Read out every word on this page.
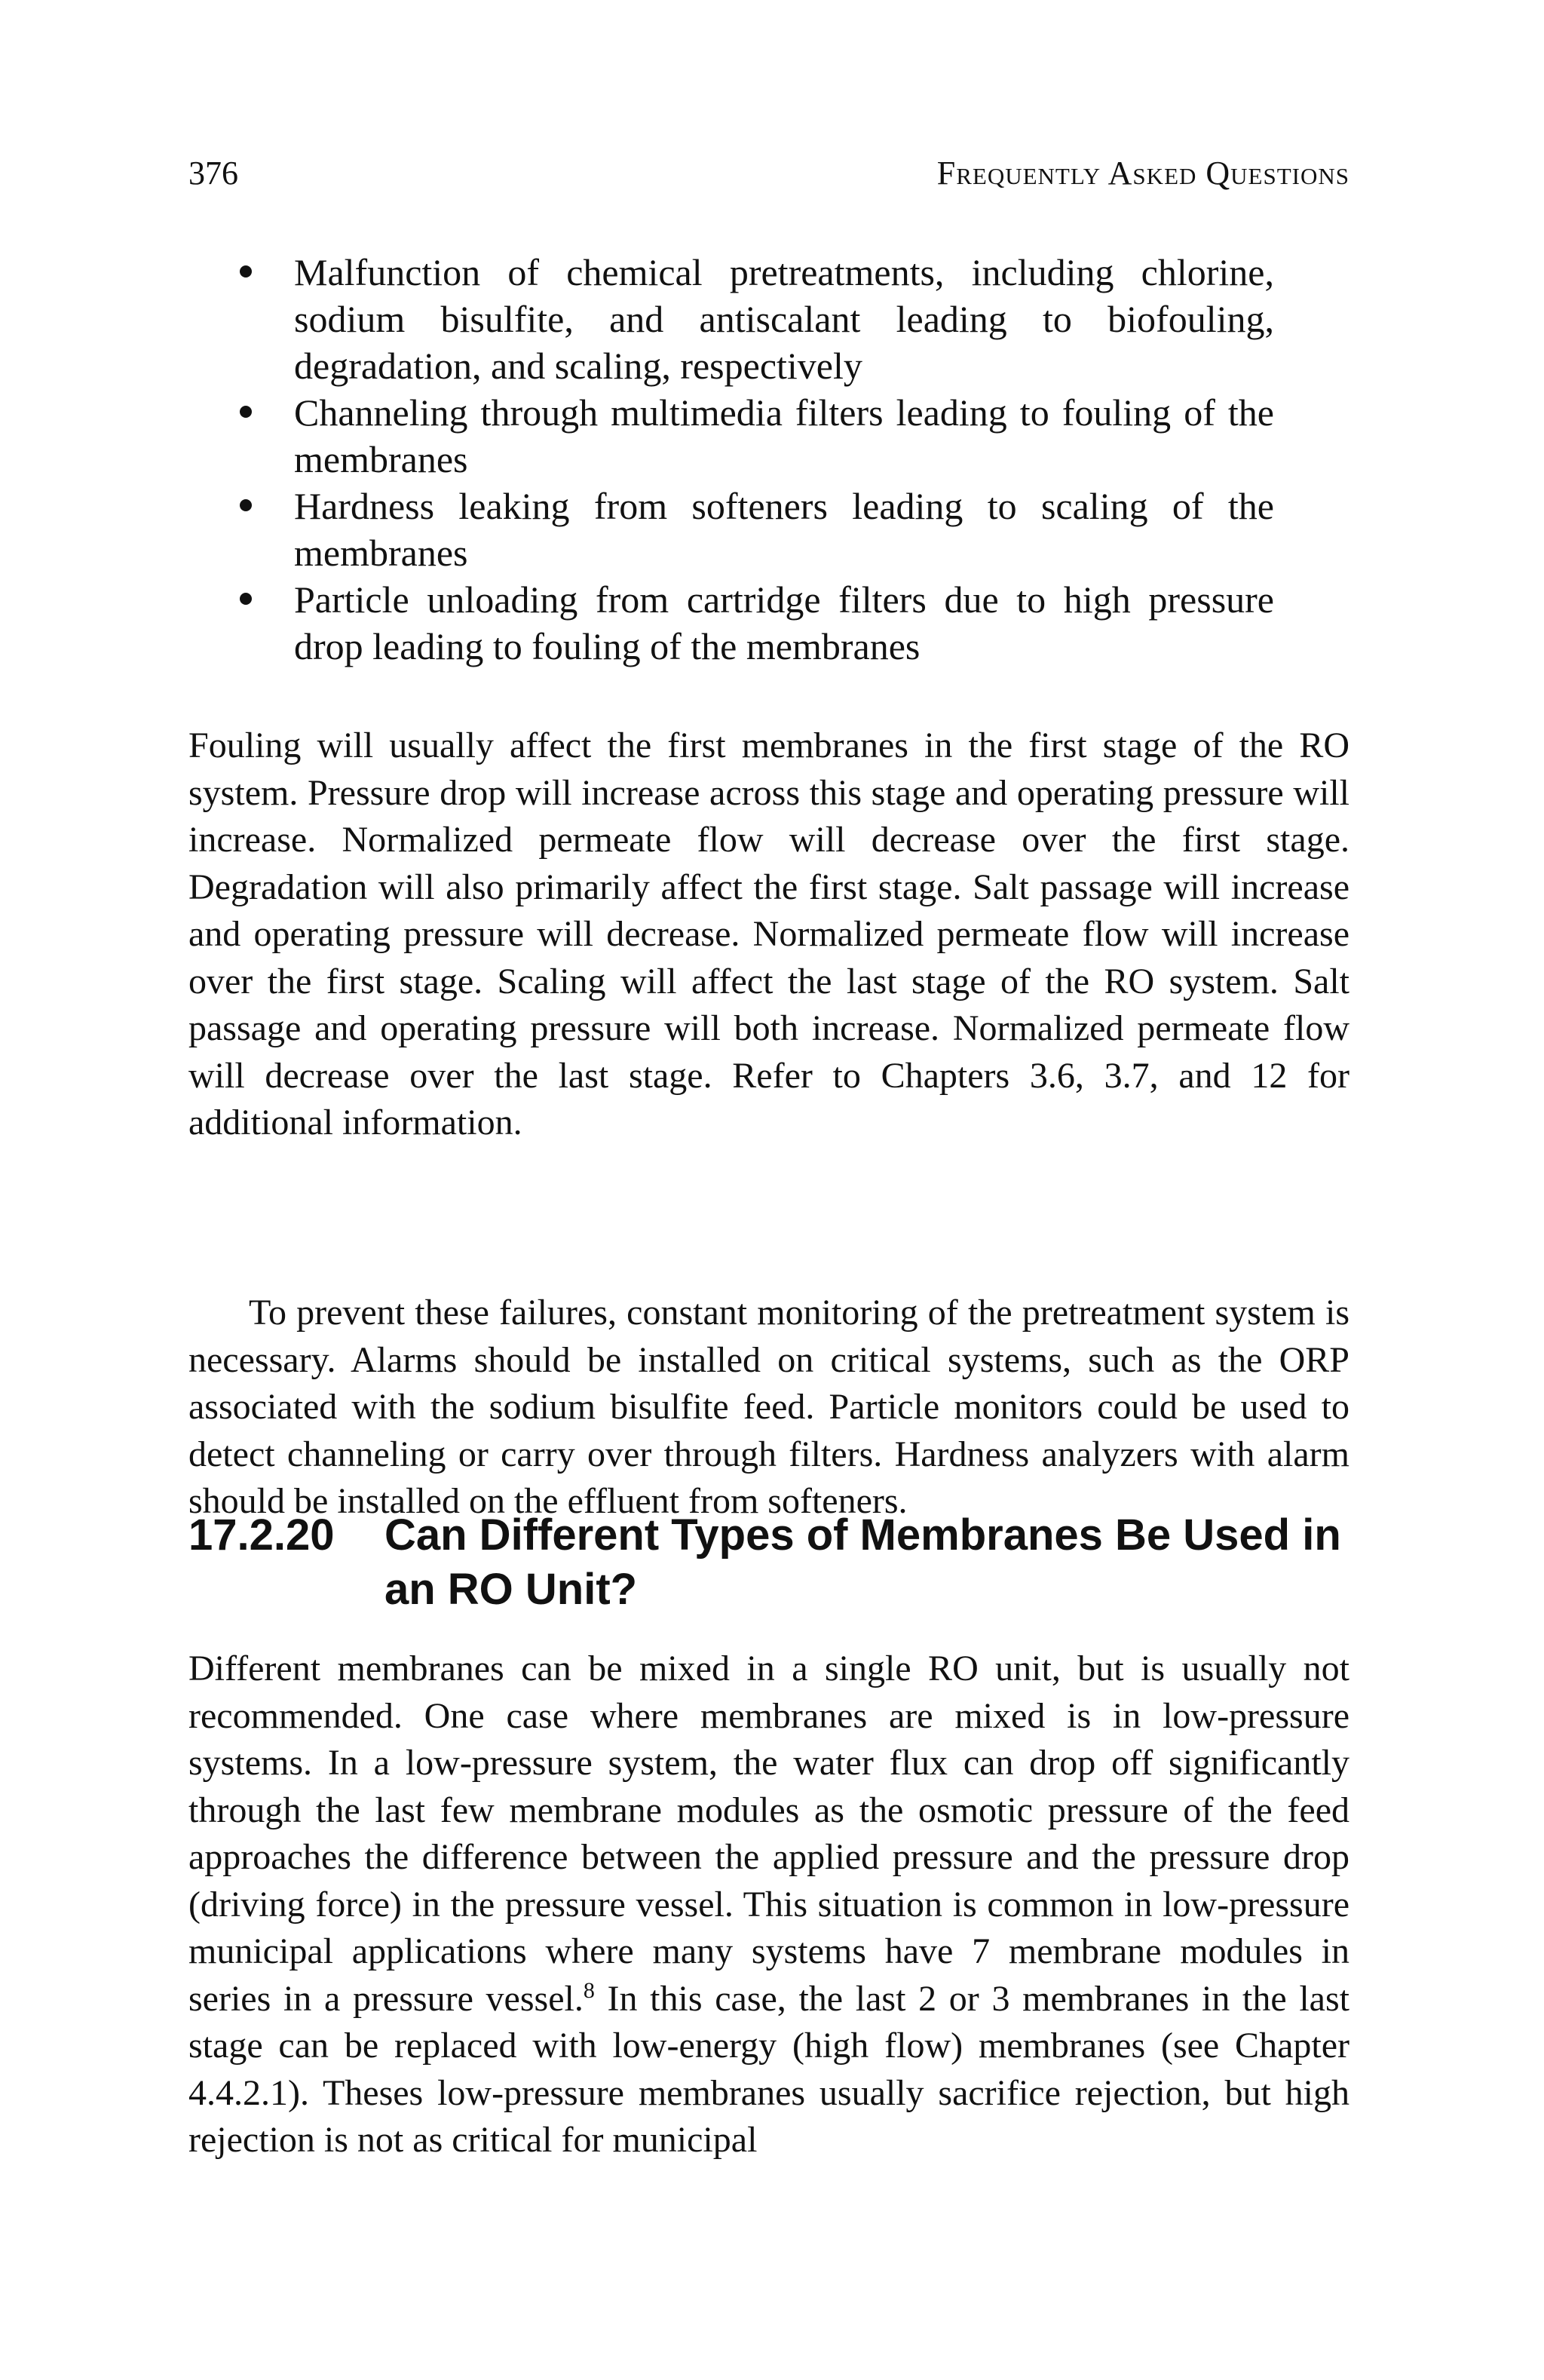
376	Frequently Asked Questions
Malfunction of chemical pretreatments, including chlorine, sodium bisulfite, and antiscalant leading to biofouling, degradation, and scaling, respectively
Channeling through multimedia filters leading to fouling of the membranes
Hardness leaking from softeners leading to scaling of the membranes
Particle unloading from cartridge filters due to high pressure drop leading to fouling of the membranes

Fouling will usually affect the first membranes in the first stage of the RO system. Pressure drop will increase across this stage and operating pressure will increase. Normalized permeate flow will decrease over the first stage. Degradation will also primarily affect the first stage. Salt passage will increase and operating pressure will decrease. Normalized permeate flow will increase over the first stage. Scaling will affect the last stage of the RO system. Salt passage and operating pressure will both increase. Normalized permeate flow will decrease over the last stage. Refer to Chapters 3.6, 3.7, and 12 for additional information.

To prevent these failures, constant monitoring of the pretreatment system is necessary. Alarms should be installed on critical systems, such as the ORP associated with the sodium bisulfite feed. Particle monitors could be used to detect channeling or carry over through filters. Hardness analyzers with alarm should be installed on the effluent from softeners.

17.2.20 Can Different Types of Membranes Be Used in an RO Unit?

Different membranes can be mixed in a single RO unit, but is usually not recommended. One case where membranes are mixed is in low-pressure systems. In a low-pressure system, the water flux can drop off significantly through the last few membrane modules as the osmotic pressure of the feed approaches the difference between the applied pressure and the pressure drop (driving force) in the pressure vessel. This situation is common in low-pressure municipal applications where many systems have 7 membrane modules in series in a pressure vessel.$^8$ In this case, the last 2 or 3 membranes in the last stage can be replaced with low-energy (high flow) membranes (see Chapter 4.4.2.1). Theses low-pressure membranes usually sacrifice rejection, but high rejection is not as critical for municipal
